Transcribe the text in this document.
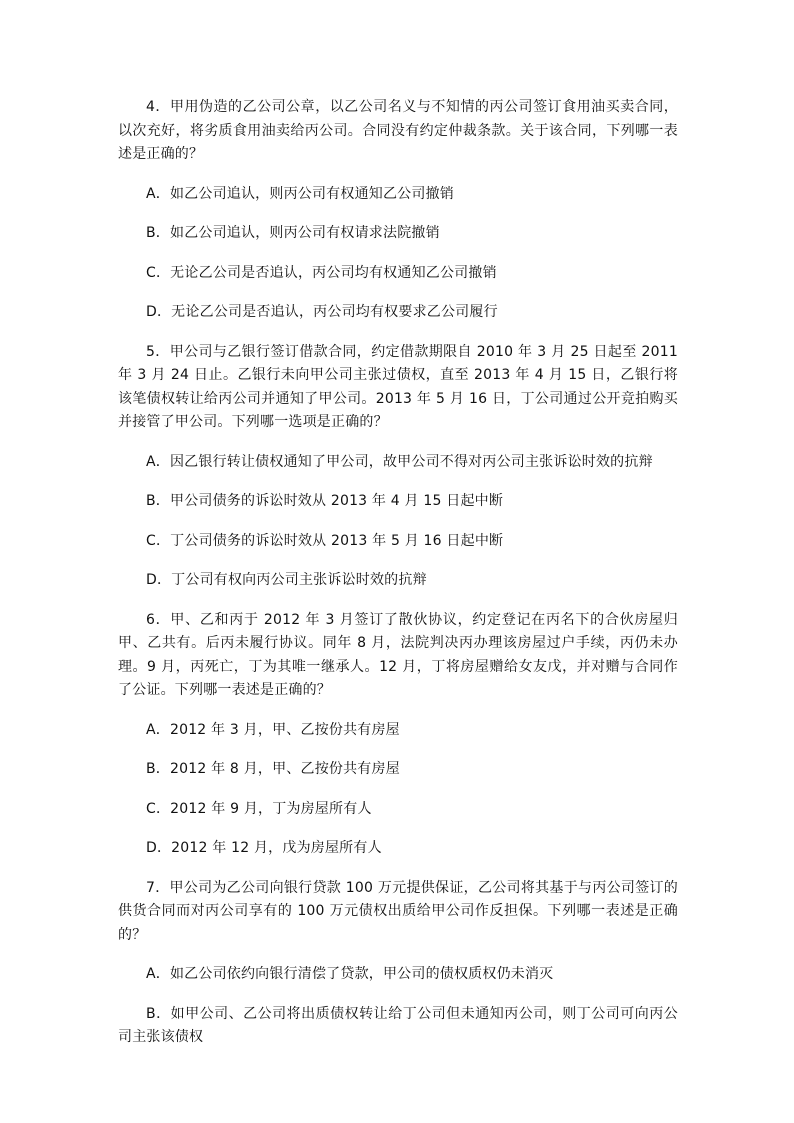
4．甲用伪造的乙公司公章，以乙公司名义与不知情的丙公司签订食用油买卖合同，以次充好，将劣质食用油卖给丙公司。合同没有约定仲裁条款。关于该合同，下列哪一表述是正确的？

A．如乙公司追认，则丙公司有权通知乙公司撤销

B．如乙公司追认，则丙公司有权请求法院撤销

C．无论乙公司是否追认，丙公司均有权通知乙公司撤销

D．无论乙公司是否追认，丙公司均有权要求乙公司履行

5．甲公司与乙银行签订借款合同，约定借款期限自 2010 年 3 月 25 日起至 2011 年 3 月 24 日止。乙银行未向甲公司主张过债权，直至 2013 年 4 月 15 日，乙银行将该笔债权转让给丙公司并通知了甲公司。2013 年 5 月 16 日，丁公司通过公开竞拍购买并接管了甲公司。下列哪一选项是正确的？

A．因乙银行转让债权通知了甲公司，故甲公司不得对丙公司主张诉讼时效的抗辩

B．甲公司债务的诉讼时效从 2013 年 4 月 15 日起中断

C．丁公司债务的诉讼时效从 2013 年 5 月 16 日起中断

D．丁公司有权向丙公司主张诉讼时效的抗辩

6．甲、乙和丙于 2012 年 3 月签订了散伙协议，约定登记在丙名下的合伙房屋归甲、乙共有。后丙未履行协议。同年 8 月，法院判决丙办理该房屋过户手续，丙仍未办理。9 月，丙死亡，丁为其唯一继承人。12 月，丁将房屋赠给女友戊，并对赠与合同作了公证。下列哪一表述是正确的？

A．2012 年 3 月，甲、乙按份共有房屋

B．2012 年 8 月，甲、乙按份共有房屋

C．2012 年 9 月，丁为房屋所有人

D．2012 年 12 月，戊为房屋所有人

7．甲公司为乙公司向银行贷款 100 万元提供保证，乙公司将其基于与丙公司签订的供货合同而对丙公司享有的 100 万元债权出质给甲公司作反担保。下列哪一表述是正确的？

A．如乙公司依约向银行清偿了贷款，甲公司的债权质权仍未消灭

B．如甲公司、乙公司将出质债权转让给丁公司但未通知丙公司，则丁公司可向丙公司主张该债权
